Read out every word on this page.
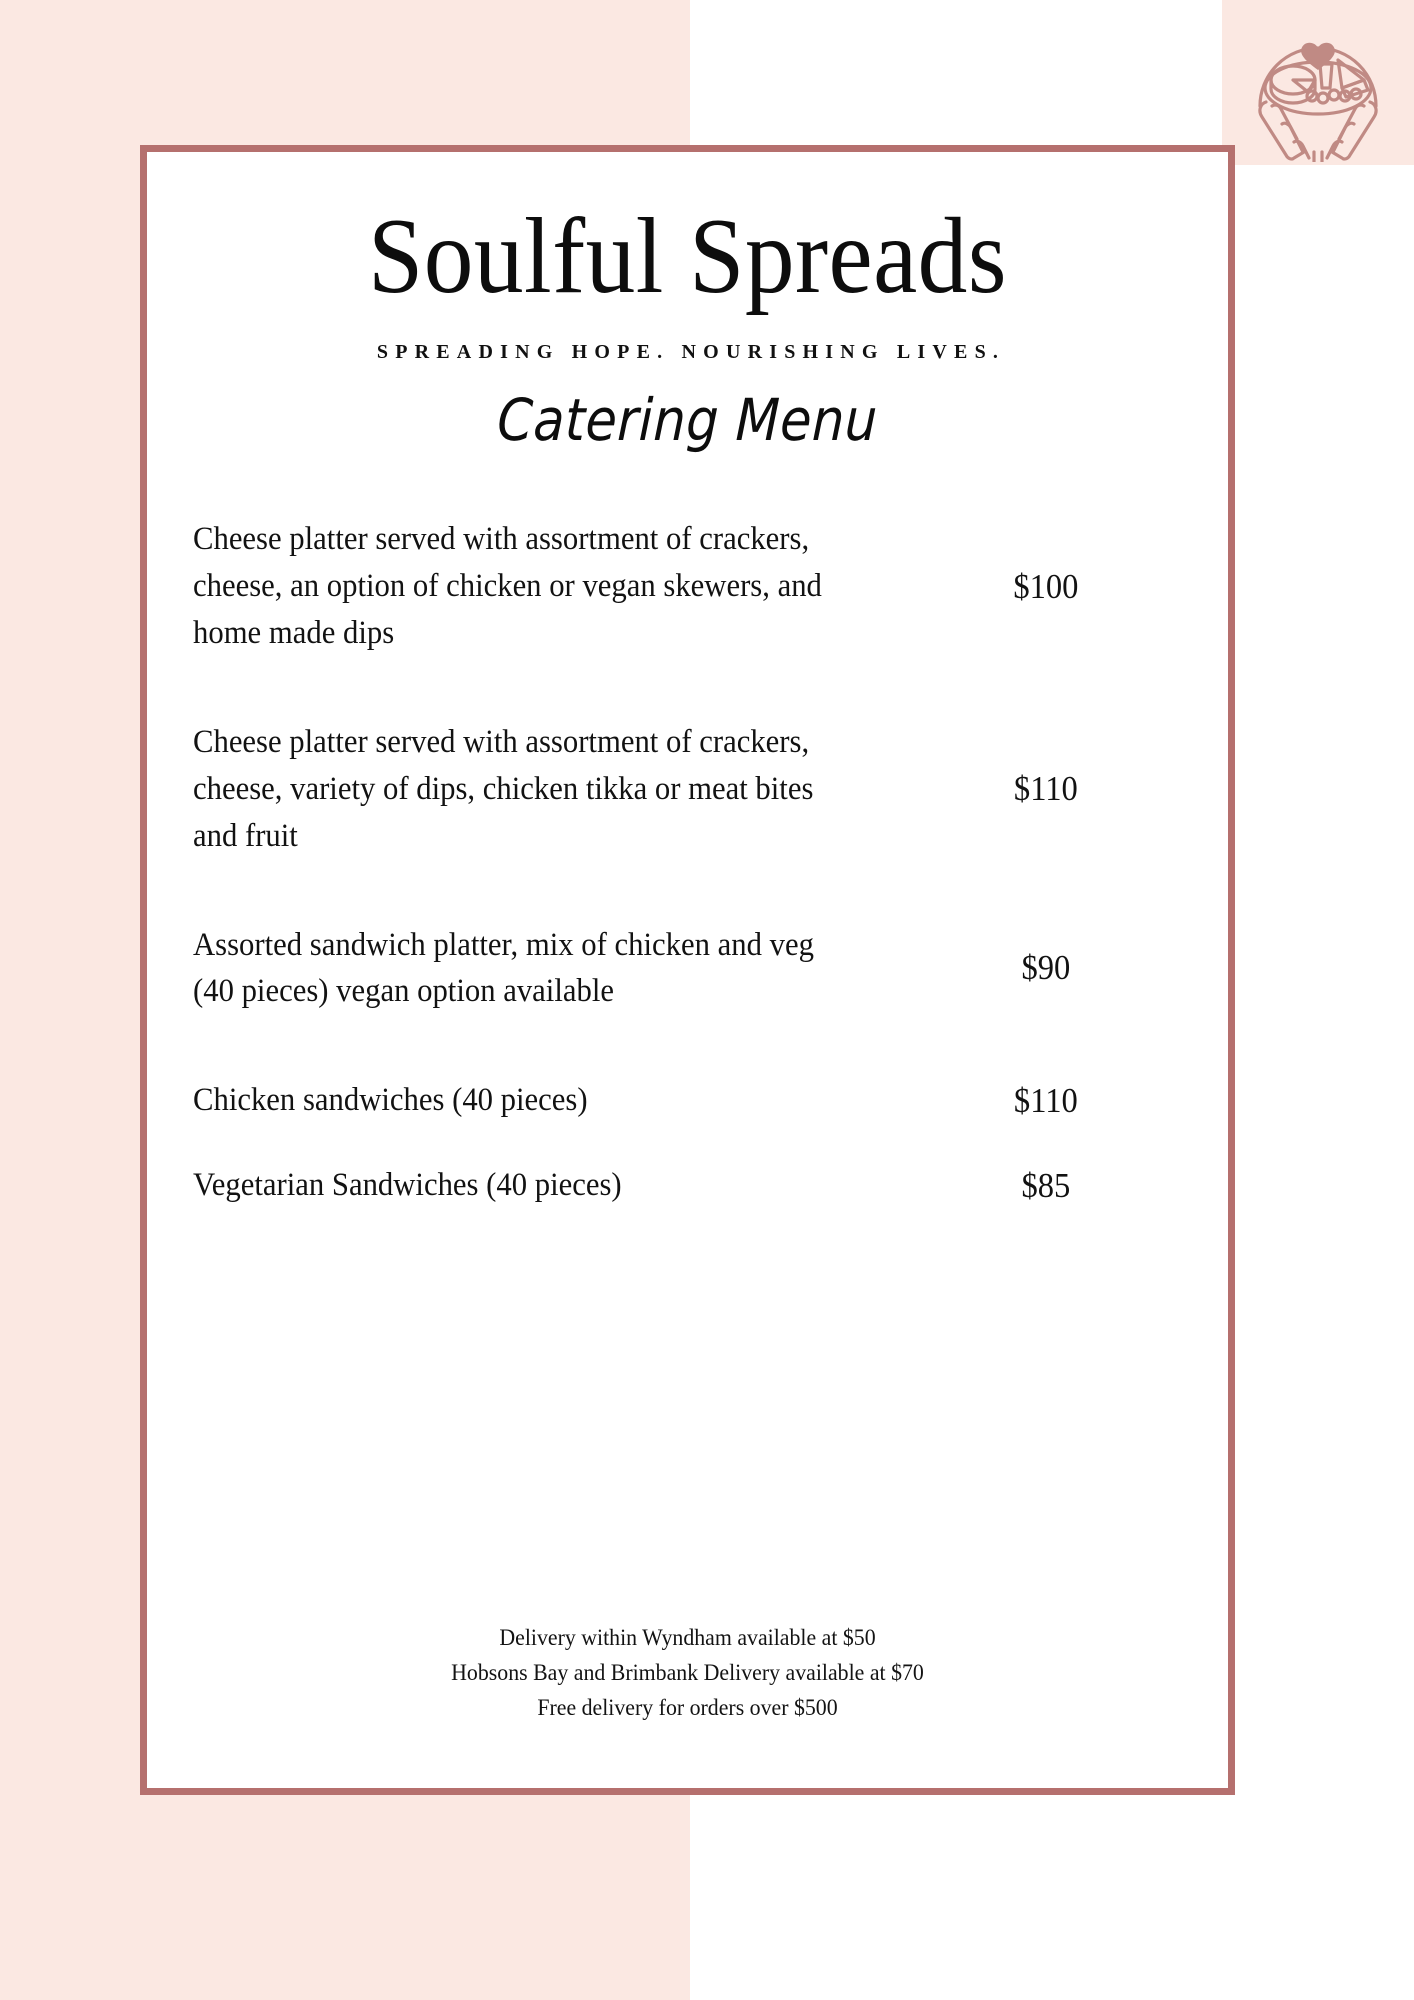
Soulful Spreads

SPREADING HOPE. NOURISHING LIVES.

Catering Menu

Cheese platter served with assortment of crackers, cheese, an option of chicken or vegan skewers, and home made dips
$100
Cheese platter served with assortment of crackers, cheese, variety of dips, chicken tikka or meat bites and fruit
$110
Assorted sandwich platter, mix of chicken and veg (40 pieces) vegan option available
$90
Chicken sandwiches (40 pieces)	$110
Vegetarian Sandwiches (40 pieces)	$85
Delivery within Wyndham available at $50
Hobsons Bay and Brimbank Delivery available at $70
Free delivery for orders over $500
